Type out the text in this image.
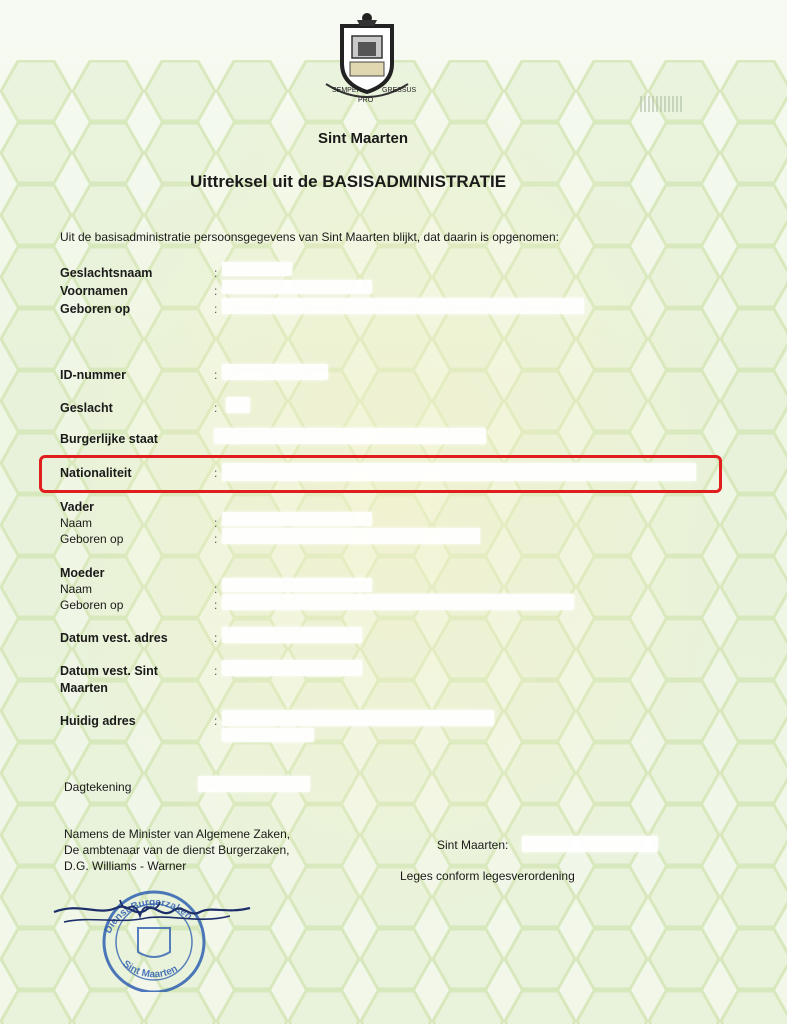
SEMPER
PRO
GRESSUS
Sint Maarten
Uittreksel uit de BASISADMINISTRATIE
Uit de basisadministratie persoonsgegevens van Sint Maarten blijkt, dat daarin is opgenomen:
Geslachtsnaam
Voornamen
Geboren op
ID-nummer
Geslacht
Burgerlijke staat
Nationaliteit
Vader
Naam
Geboren op
Moeder
Naam
Geboren op
Datum vest. adres
Datum vest. Sint
Maarten
Huidig adres
Dagtekening
:
:
:
:
:
:
:
:
:
:
:
:
:
Namens de Minister van Algemene Zaken,
De ambtenaar van de dienst Burgerzaken,
D.G. Williams - Warner
Sint Maarten:
Leges conform legesverordening
Dienst Burgerzaken
Sint Maarten
